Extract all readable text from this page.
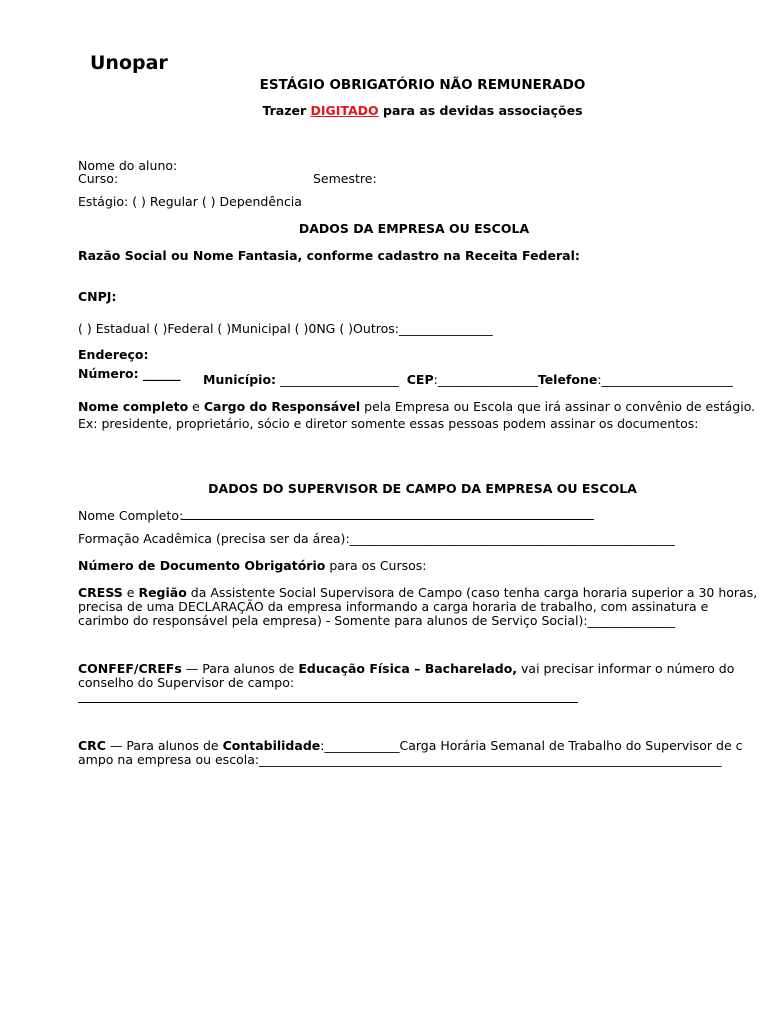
Unopar
ESTÁGIO OBRIGATÓRIO NÃO REMUNERADO
Trazer DIGITADO para as devidas associações
Nome do aluno:
Curso:	Semestre:
Estágio: ( ) Regular ( ) Dependência
DADOS DA EMPRESA OU ESCOLA
Razão Social ou Nome Fantasia, conforme cadastro na Receita Federal:
CNPJ:
( ) Estadual ( )Federal ( )Municipal ( )0NG ( )Outros:_______________
Endereço:
Número: ______ Município: ___________________ CEP:________________Telefone:_____________________
Nome completo e Cargo do Responsável pela Empresa ou Escola que irá assinar o convênio de estágio. Ex: presidente, proprietário, sócio e diretor somente essas pessoas podem assinar os documentos:
DADOS DO SUPERVISOR DE CAMPO DA EMPRESA OU ESCOLA
Nome Completo:
Formação Acadêmica (precisa ser da área):____________________________________________________
Número de Documento Obrigatório para os Cursos:
CRESS e Região da Assistente Social Supervisora de Campo (caso tenha carga horaria superior a 30 horas, precisa de uma DECLARAÇÃO da empresa informando a carga horaria de trabalho, com assinatura e carimbo do responsável pela empresa) - Somente para alunos de Serviço Social):______________
CONFEF/CREFs — Para alunos de Educação Física – Bacharelado, vai precisar informar o número do conselho do Supervisor de campo:
CRC — Para alunos de Contabilidade:____________Carga Horária Semanal de Trabalho do Supervisor de campo na empresa ou escola:__________________________________________________________________________
